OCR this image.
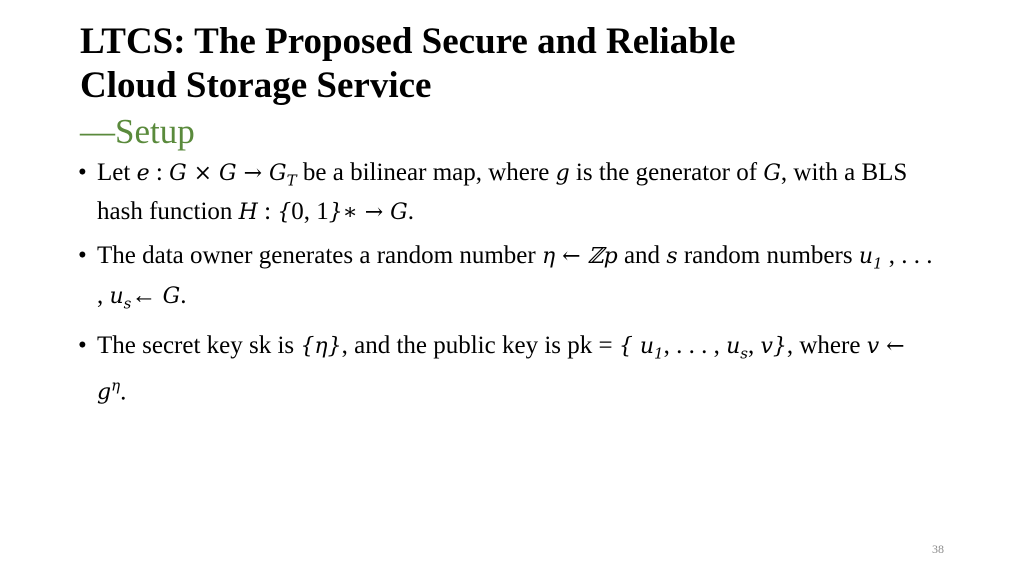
LTCS: The Proposed Secure and Reliable
Cloud Storage Service
—Setup
• Let e : $G \times G \to G_T$ be a bilinear map, where g is the generator of G, with a BLS hash function H : {0, 1}∗ → G.
• The data owner generates a random number η ← ℤp and s random numbers $u_1$ , . . . , $u_s\leftarrow$ G.
• The secret key sk is {η}, and the public key is pk = { $u_1$, . . . , $u_s$, v}, where v ← $g^\eta$.
38
